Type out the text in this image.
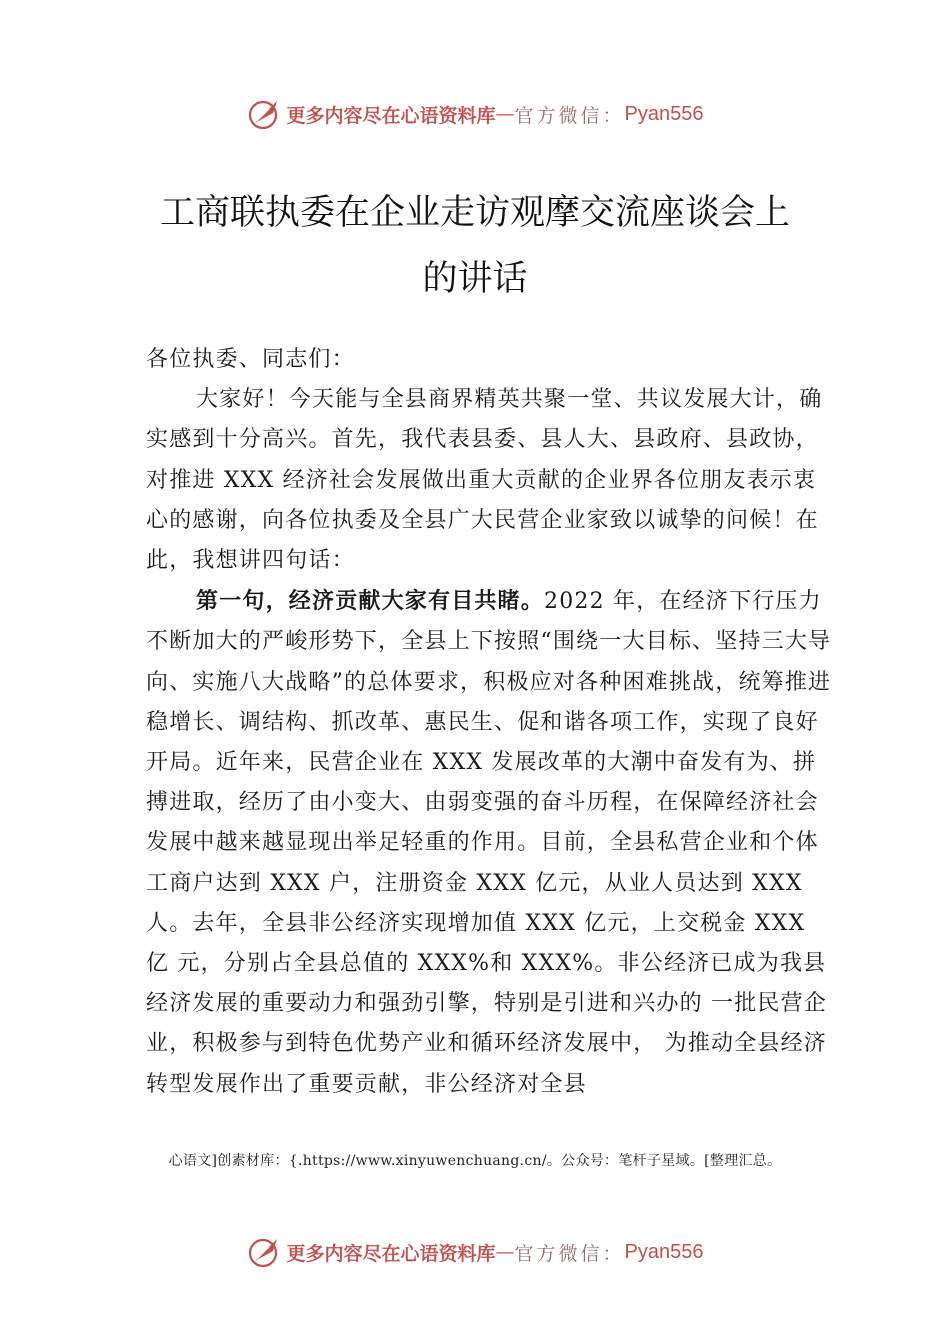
更多内容尽在心语资料库 — 官方微信： Pyan556
工商联执委在企业走访观摩交流座谈会上
的讲话

各位执委、同志们：

大家好！今天能与全县商界精英共聚一堂、共议发展大计，确实感到十分高兴。首先，我代表县委、县人大、县政府、县政协，对推进 XXX 经济社会发展做出重大贡献的企业界各位朋友表示衷心的感谢，向各位执委及全县广大民营企业家致以诚挚的问候！在此，我想讲四句话：

第一句，经济贡献大家有目共睹。2022 年，在经济下行压力不断加大的严峻形势下，全县上下按照“围绕一大目标、坚持三大导向、实施八大战略”的总体要求，积极应对各种困难挑战，统筹推进稳增长、调结构、抓改革、惠民生、促和谐各项工作，实现了良好开局。近年来，民营企业在 XXX 发展改革的大潮中奋发有为、拼搏进取，经历了由小变大、由弱变强的奋斗历程，在保障经济社会发展中越来越显现出举足轻重的作用。目前，全县私营企业和个体工商户达到 XXX 户，注册资金 XXX 亿元，从业人员达到 XXX 人。去年，全县非公经济实现增加值 XXX 亿元，上交税金 XXX 亿 元，分别占全县总值的 XXX%和 XXX%。非公经济已成为我县经济发展的重要动力和强劲引擎，特别是引进和兴办的 一批民营企业，积极参与到特色优势产业和循环经济发展中， 为推动全县经济转型发展作出了重要贡献，非公经济对全县

心语文]创素材库：{.https://www.xinyuwenchuang.cn/。公众号：笔杆子星域。[整理汇总。
更多内容尽在心语资料库 — 官方微信： Pyan556
